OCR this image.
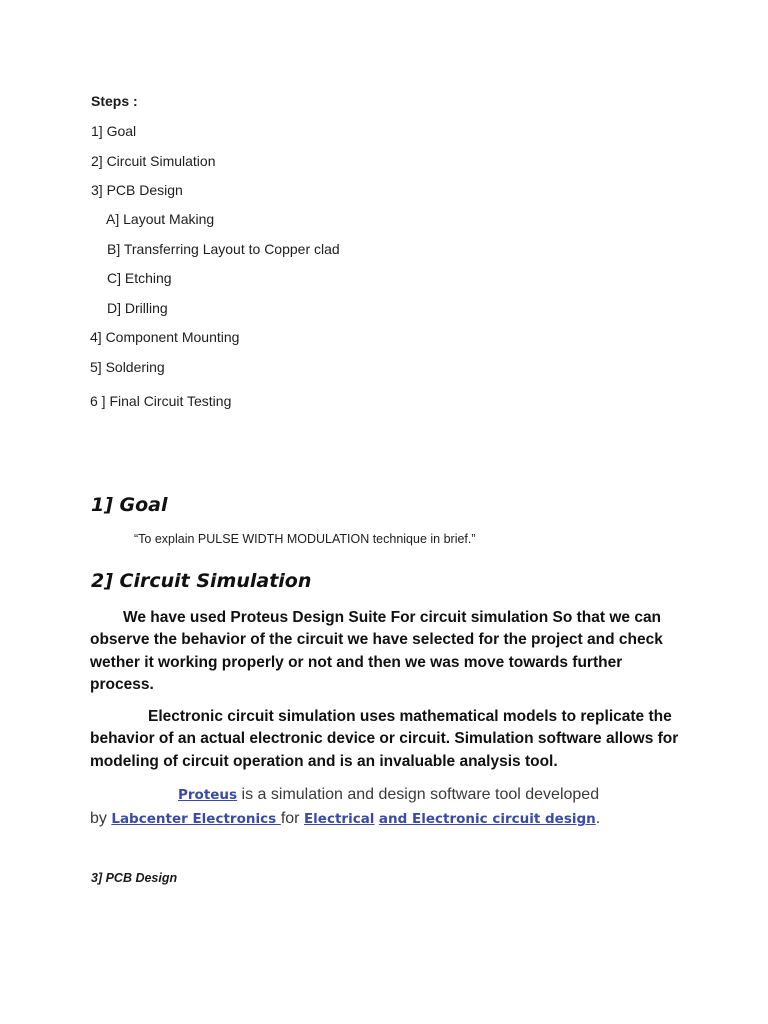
Steps :
1] Goal
2] Circuit Simulation
3] PCB Design
A] Layout Making
B] Transferring Layout to Copper clad
C] Etching
D] Drilling
4] Component Mounting
5] Soldering
6 ] Final Circuit Testing
1] Goal
“To explain PULSE WIDTH MODULATION technique in brief.”
2] Circuit Simulation

We have used Proteus Design Suite For circuit simulation So that we can observe the behavior of the circuit we have selected for the project and check wether it working properly or not and then we was move towards further process.

Electronic circuit simulation uses mathematical models to replicate the behavior of an actual electronic device or circuit. Simulation software allows for modeling of circuit operation and is an invaluable analysis tool.

Proteus is a simulation and design software tool developed
by Labcenter Electronics for Electrical and Electronic circuit design.
3] PCB Design
